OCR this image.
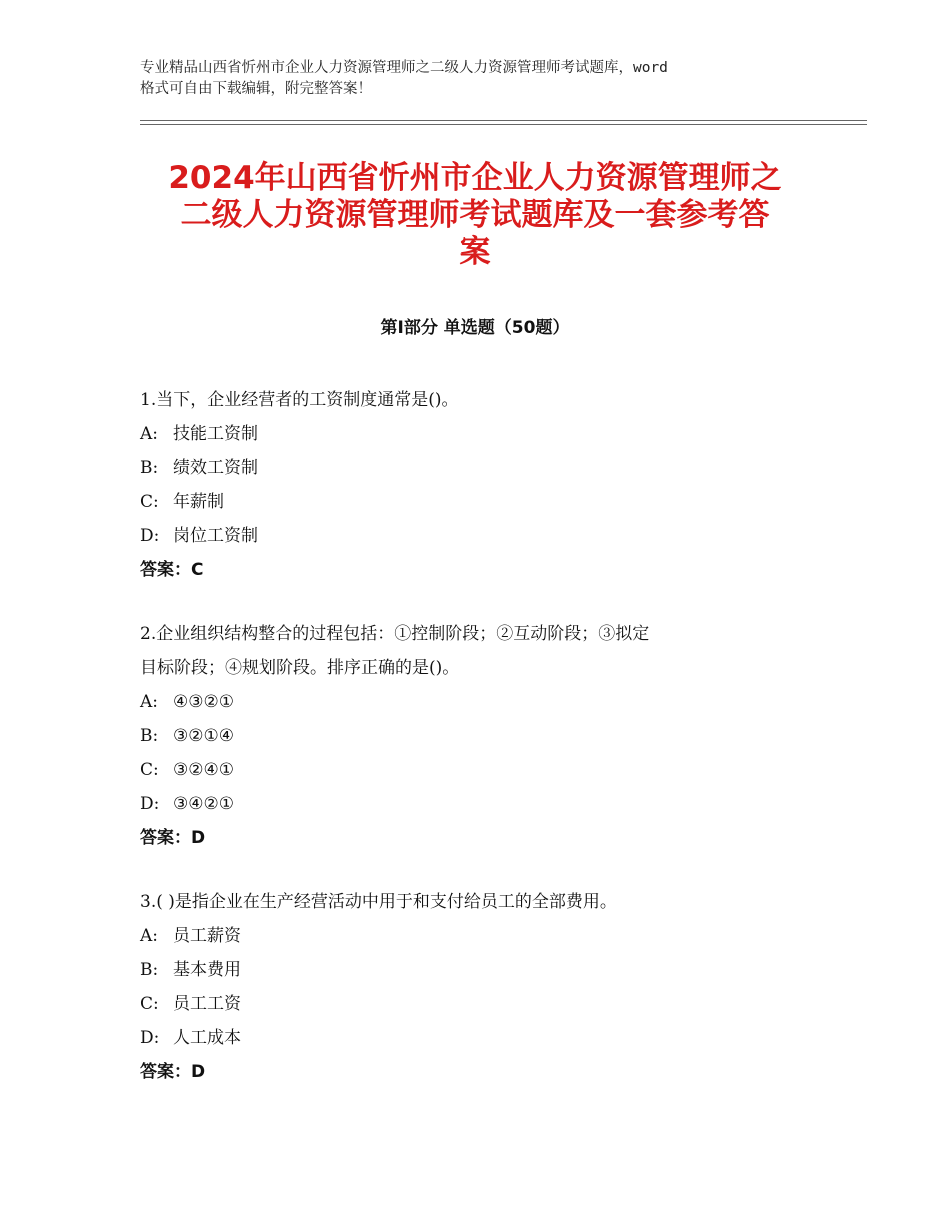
专业精品山西省忻州市企业人力资源管理师之二级人力资源管理师考试题库，word
格式可自由下载编辑，附完整答案！
2024年山西省忻州市企业人力资源管理师之
二级人力资源管理师考试题库及一套参考答
案
第Ⅰ部分 单选题（50题）
1.当下，企业经营者的工资制度通常是()。
A: 技能工资制
B: 绩效工资制
C: 年薪制
D: 岗位工资制
答案：C
2.企业组织结构整合的过程包括：①控制阶段；②互动阶段；③拟定
目标阶段；④规划阶段。排序正确的是()。
A: ④③②①
B: ③②①④
C: ③②④①
D: ③④②①
答案：D
3.( )是指企业在生产经营活动中用于和支付给员工的全部费用。
A: 员工薪资
B: 基本费用
C: 员工工资
D: 人工成本
答案：D
